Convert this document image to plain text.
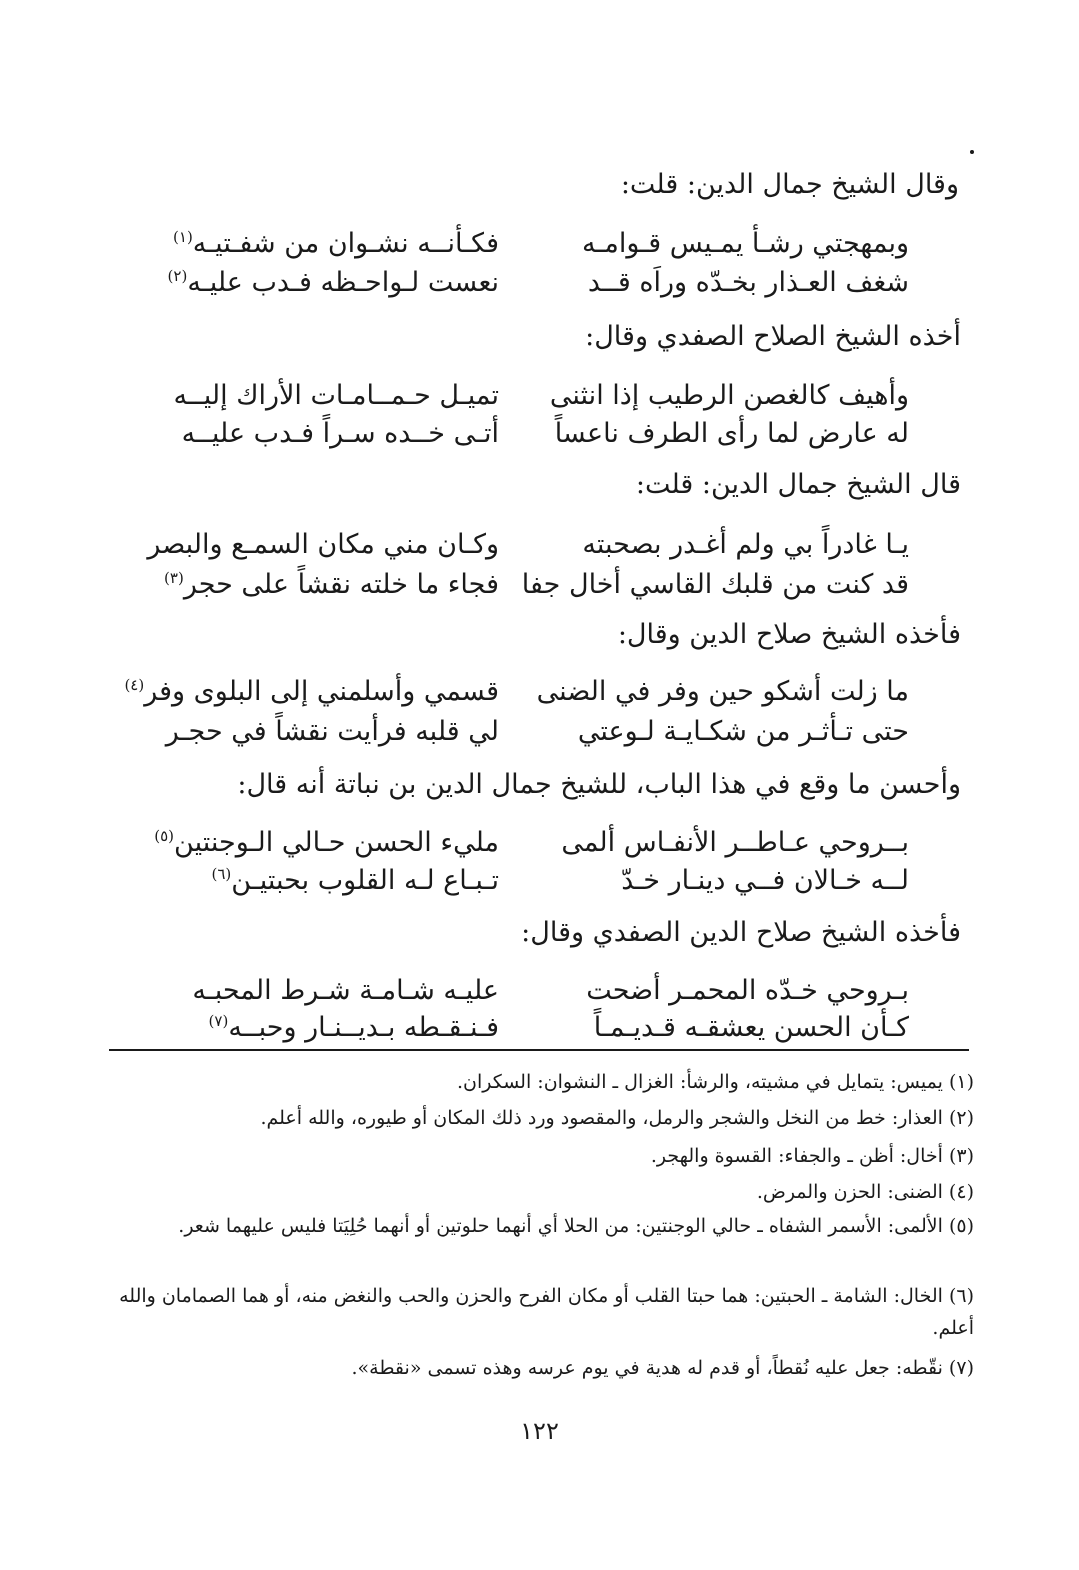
وقال الشيخ جمال الدين: قلت:
وبمهجتي رشـأ يمـيس قـوامـه
فكـأنــه نشـوان من شفـتيـه$^{(١)}$
شغف العـذار بخـدّه وراَه قــد
نعست لـواحـظه فـدب عليـه$^{(٢)}$
أخذه الشيخ الصلاح الصفدي وقال:
وأهيف كالغصن الرطيب إذا انثنى
تميـل حـمــامـات الأراك إليــه
له عارض لما رأى الطرف ناعساً
أتـى خــده سـراً فـدب عليــه
قال الشيخ جمال الدين: قلت:
يـا غادراً بي ولم أغـدر بصحبته
وكـان مني مكان السمـع والبصر
قد كنت من قلبك القاسي أخال جفا
فجاء ما خلته نقشاً على حجر$^{(٣)}$
فأخذه الشيخ صلاح الدين وقال:
ما زلت أشكو حين وفر في الضنى
قسمي وأسلمني إلى البلوى وفر$^{(٤)}$
حتى تـأثـر من شكـايـة لـوعتي
لي قلبه فرأيت نقشاً في حجـر
وأحسن ما وقع في هذا الباب، للشيخ جمال الدين بن نباتة أنه قال:
بــروحي عـاطــر الأنفـاس ألمى
مليء الحسن حـالي الـوجنتين$^{(٥)}$
لــه خـالان فــي دينـار خـدّ
تـبـاع لـه القلوب بحبتيـن$^{(٦)}$
فأخذه الشيخ صلاح الدين الصفدي وقال:
بـروحي خـدّه المحمـر أضحت
عليـه شـامـة شـرط المحبـه
كـأن الحسن يعشقـه قـديـمـاً
فـنـقـطه بـديــنـار وحبــه$^{(٧)}$
(١) يميس: يتمايل في مشيته، والرشأ: الغزال ـ النشوان: السكران.
(٢) العذار: خط من النخل والشجر والرمل، والمقصود ورد ذلك المكان أو طيوره، والله أعلم.
(٣) أخال: أظن ـ والجفاء: القسوة والهجر.
(٤) الضنى: الحزن والمرض.
(٥) الألمى: الأسمر الشفاه ـ حالي الوجنتين: من الحلا أي أنهما حلوتين أو أنهما حُلِيَتا فليس عليهما شعر.
(٦) الخال: الشامة ـ الحبتين: هما حبتا القلب أو مكان الفرح والحزن والحب والنغض منه، أو هما الصمامان والله أعلم.
(٧) نقّطه: جعل عليه نُقطاً، أو قدم له هدية في يوم عرسه وهذه تسمى «نقطة».
١٢٢
